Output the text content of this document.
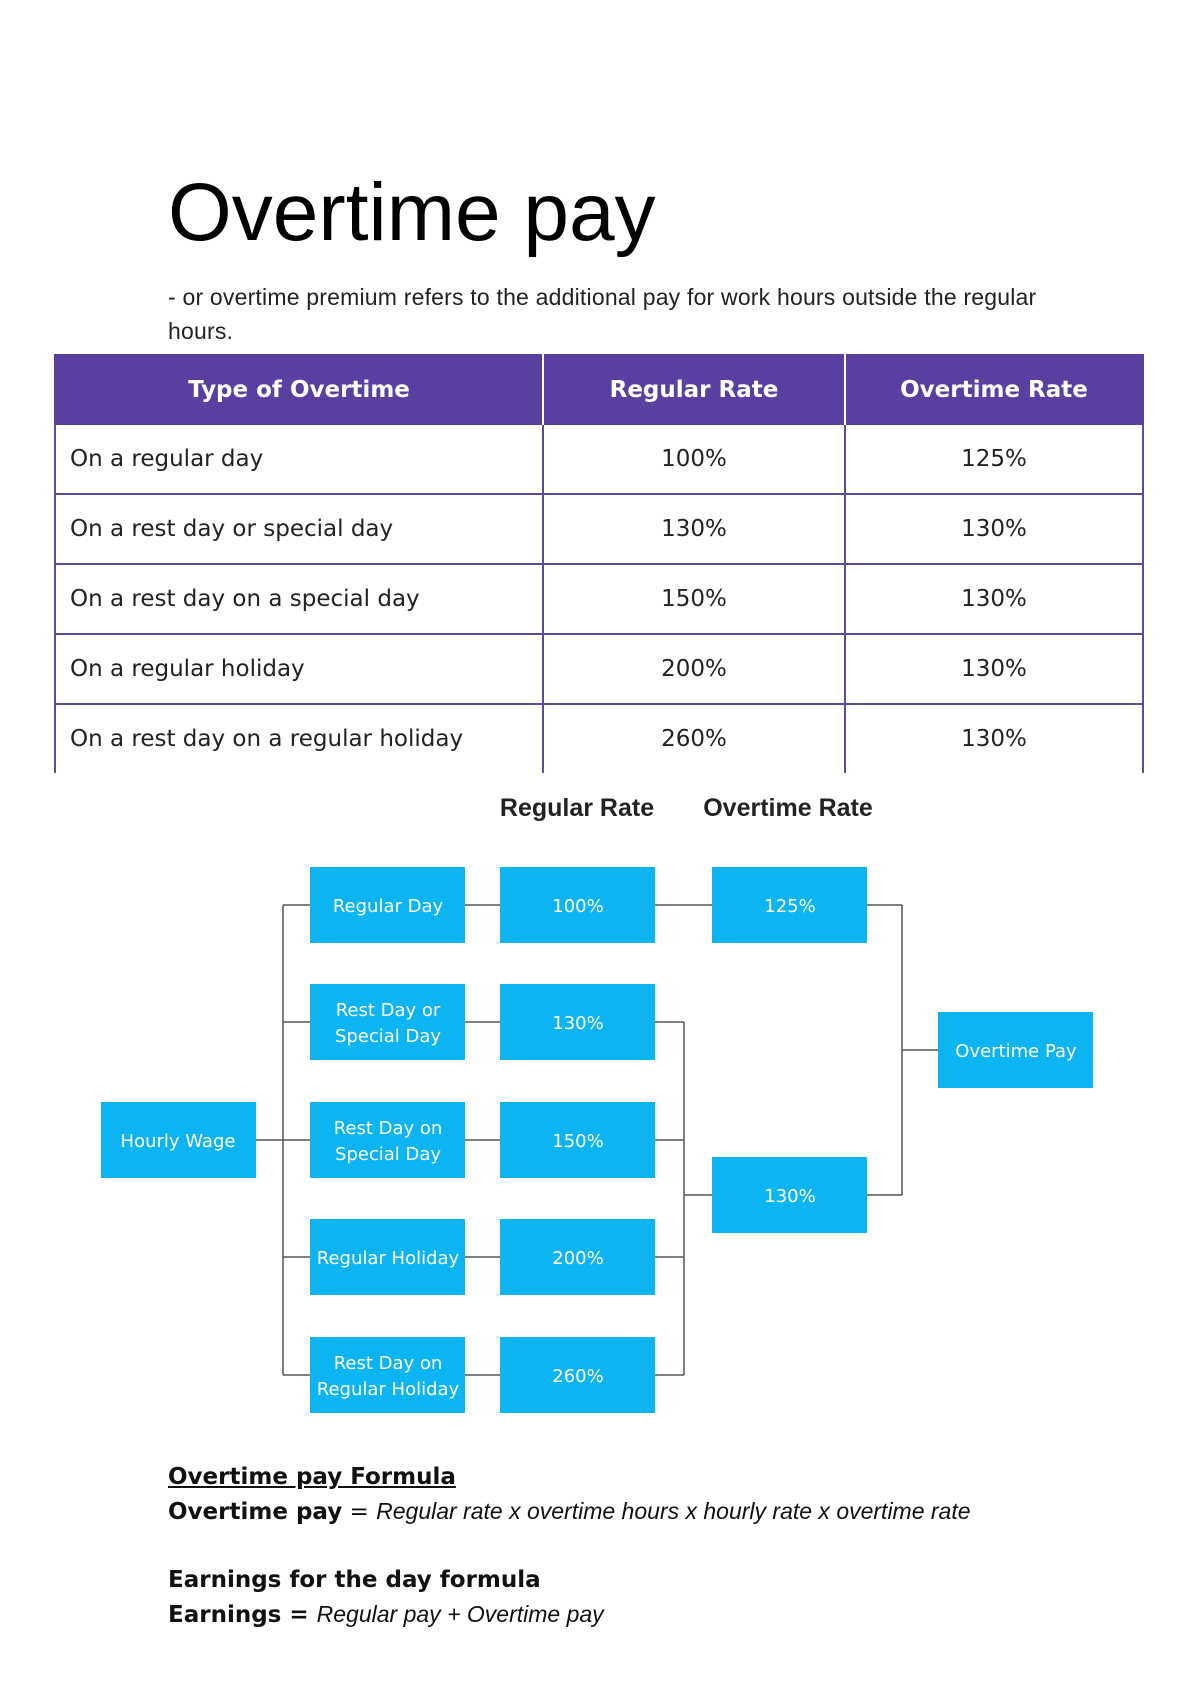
Overtime pay

- or overtime premium refers to the additional pay for work hours outside the regular hours.

Type of Overtime	Regular Rate	Overtime Rate
On a regular day	100%	125%
On a rest day or special day	130%	130%
On a rest day on a special day	150%	130%
On a regular holiday	200%	130%
On a rest day on a regular holiday	260%	130%
Regular Rate Overtime Rate
Hourly Wage
Regular Day
Rest Day or
Special Day
Rest Day on
Special Day
Regular Holiday
Rest Day on
Regular Holiday
100%
130%
150%
200%
260%
125%
130%
Overtime Pay

Overtime pay Formula

Overtime pay = Regular rate x overtime hours x hourly rate x overtime rate

Earnings for the day formula

Earnings = Regular pay + Overtime pay
